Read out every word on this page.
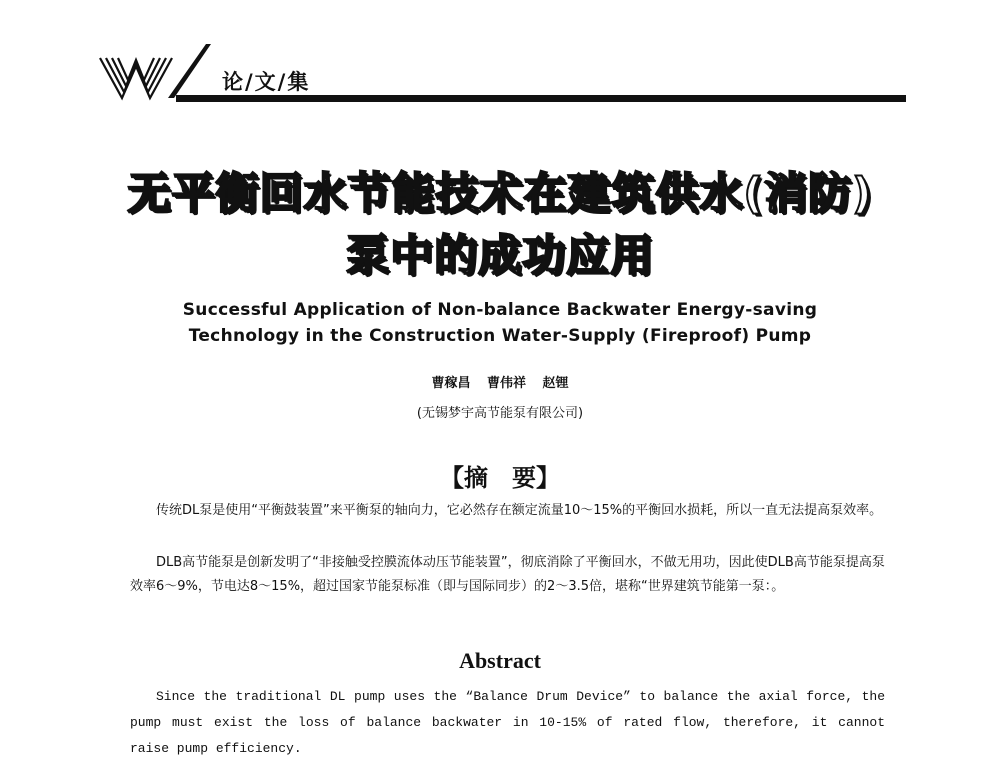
论/文/集
无平衡回水节能技术在建筑供水(消防)
泵中的成功应用
Successful Application of Non-balance Backwater Energy-saving
Technology in the Construction Water-Supply (Fireproof) Pump
曹稼昌 曹伟祥 赵锂
(无锡梦宇高节能泵有限公司)
【摘　要】
传统DL泵是使用“平衡鼓装置”来平衡泵的轴向力，它必然存在额定流量10～15%的平衡回水损耗，所以一直无法提高泵效率。
DLB高节能泵是创新发明了“非接触受控膜流体动压节能装置”，彻底消除了平衡回水，不做无用功，因此使DLB高节能泵提高泵效率6～9%，节电达8～15%，超过国家节能泵标准（即与国际同步）的2～3.5倍，堪称“世界建筑节能第一泵：。
Abstract
Since the traditional DL pump uses the “Balance Drum Device” to balance the axial force, the pump must exist the loss of balance backwater in 10-15% of rated flow, therefore, it cannot raise pump efficiency.
